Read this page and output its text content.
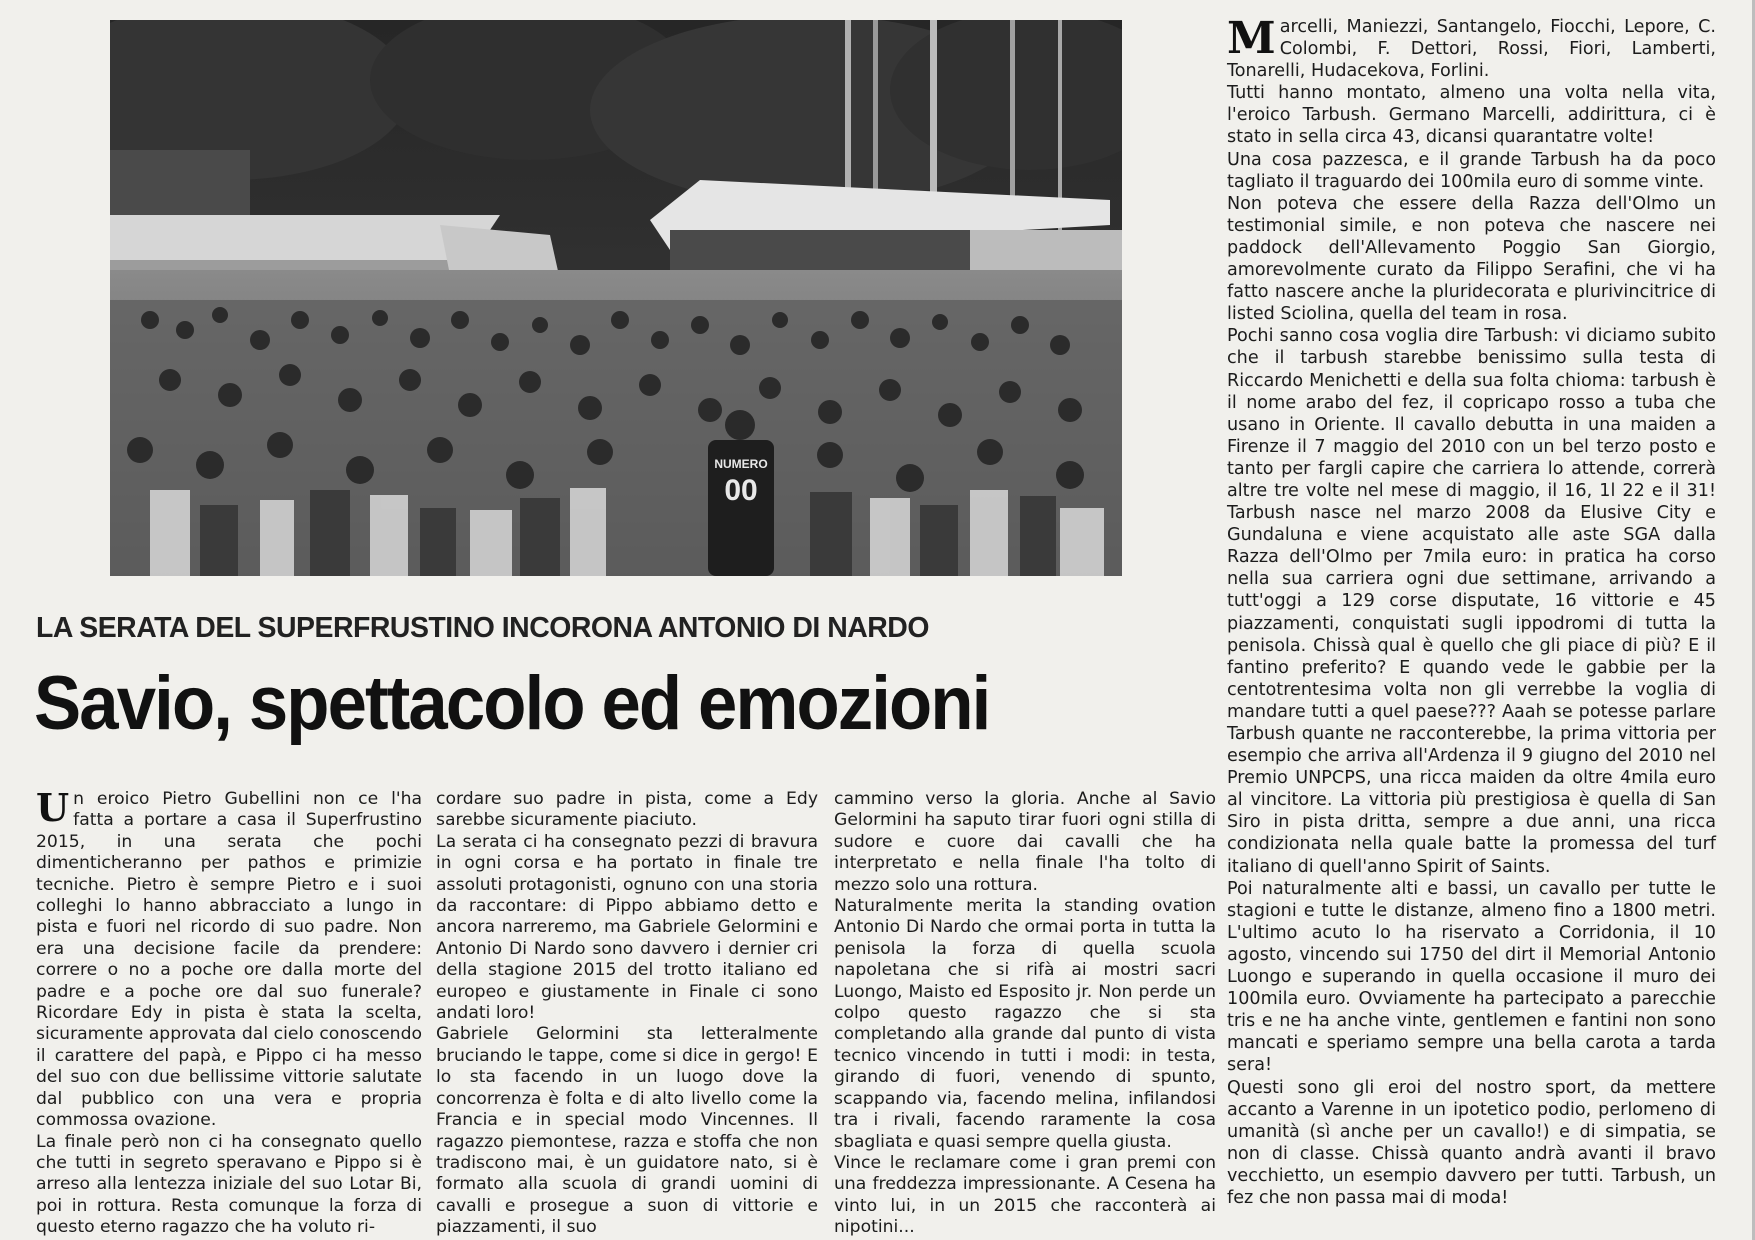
NUMERO
00
LA SERATA DEL SUPERFRUSTINO INCORONA ANTONIO DI NARDO
Savio, spettacolo ed emozioni

Un eroico Pietro Gubellini non ce l'ha fatta a portare a casa il Superfrustino 2015, in una serata che pochi dimenticheranno per pathos e primizie tecniche. Pietro è sempre Pietro e i suoi colleghi lo hanno abbracciato a lungo in pista e fuori nel ricordo di suo padre. Non era una decisione facile da prendere: correre o no a poche ore dalla morte del padre e a poche ore dal suo funerale? Ricordare Edy in pista è stata la scelta, sicuramente approvata dal cielo conoscendo il carattere del papà, e Pippo ci ha messo del suo con due bellissime vittorie salutate dal pubblico con una vera e propria commossa ovazione.

La finale però non ci ha consegnato quello che tutti in segreto speravano e Pippo si è arreso alla lentezza iniziale del suo Lotar Bi, poi in rottura. Resta comunque la forza di questo eterno ragazzo che ha voluto ri-

cordare suo padre in pista, come a Edy sarebbe sicuramente piaciuto.

La serata ci ha consegnato pezzi di bravura in ogni corsa e ha portato in finale tre assoluti protagonisti, ognuno con una storia da raccontare: di Pippo abbiamo detto e ancora narreremo, ma Gabriele Gelormini e Antonio Di Nardo sono davvero i dernier cri della stagione 2015 del trotto italiano ed europeo e giustamente in Finale ci sono andati loro!

Gabriele Gelormini sta letteralmente bruciando le tappe, come si dice in gergo! E lo sta facendo in un luogo dove la concorrenza è folta e di alto livello come la Francia e in special modo Vincennes. Il ragazzo piemontese, razza e stoffa che non tradiscono mai, è un guidatore nato, si è formato alla scuola di grandi uomini di cavalli e prosegue a suon di vittorie e piazzamenti, il suo

cammino verso la gloria. Anche al Savio Gelormini ha saputo tirar fuori ogni stilla di sudore e cuore dai cavalli che ha interpretato e nella finale l'ha tolto di mezzo solo una rottura.

Naturalmente merita la standing ovation Antonio Di Nardo che ormai porta in tutta la penisola la forza di quella scuola napoletana che si rifà ai mostri sacri Luongo, Maisto ed Esposito jr. Non perde un colpo questo ragazzo che si sta completando alla grande dal punto di vista tecnico vincendo in tutti i modi: in testa, girando di fuori, venendo di spunto, scappando via, facendo melina, infilandosi tra i rivali, facendo raramente la cosa sbagliata e quasi sempre quella giusta.

Vince le reclamare come i gran premi con una freddezza impressionante. A Cesena ha vinto lui, in un 2015 che racconterà ai nipotini...

Marcelli, Maniezzi, Santangelo, Fiocchi, Lepore, C. Colombi, F. Dettori, Rossi, Fiori, Lamberti, Tonarelli, Hudacekova, Forlini.

Tutti hanno montato, almeno una volta nella vita, l'eroico Tarbush. Germano Marcelli, addirittura, ci è stato in sella circa 43, dicansi quarantatre volte!

Una cosa pazzesca, e il grande Tarbush ha da poco tagliato il traguardo dei 100mila euro di somme vinte.

Non poteva che essere della Razza dell'Olmo un testimonial simile, e non poteva che nascere nei paddock dell'Allevamento Poggio San Giorgio, amorevolmente curato da Filippo Serafini, che vi ha fatto nascere anche la pluridecorata e plurivincitrice di listed Sciolina, quella del team in rosa.

Pochi sanno cosa voglia dire Tarbush: vi diciamo subito che il tarbush starebbe benissimo sulla testa di Riccardo Menichetti e della sua folta chioma: tarbush è il nome arabo del fez, il copricapo rosso a tuba che usano in Oriente. Il cavallo debutta in una maiden a Firenze il 7 maggio del 2010 con un bel terzo posto e tanto per fargli capire che carriera lo attende, correrà altre tre volte nel mese di maggio, il 16, 1l 22 e il 31! Tarbush nasce nel marzo 2008 da Elusive City e Gundaluna e viene acquistato alle aste SGA dalla Razza dell'Olmo per 7mila euro: in pratica ha corso nella sua carriera ogni due settimane, arrivando a tutt'oggi a 129 corse disputate, 16 vittorie e 45 piazzamenti, conquistati sugli ippodromi di tutta la penisola. Chissà qual è quello che gli piace di più? E il fantino preferito? E quando vede le gabbie per la centotrentesima volta non gli verrebbe la voglia di mandare tutti a quel paese??? Aaah se potesse parlare Tarbush quante ne racconterebbe, la prima vittoria per esempio che arriva all'Ardenza il 9 giugno del 2010 nel Premio UNPCPS, una ricca maiden da oltre 4mila euro al vincitore. La vittoria più prestigiosa è quella di San Siro in pista dritta, sempre a due anni, una ricca condizionata nella quale batte la promessa del turf italiano di quell'anno Spirit of Saints.

Poi naturalmente alti e bassi, un cavallo per tutte le stagioni e tutte le distanze, almeno fino a 1800 metri. L'ultimo acuto lo ha riservato a Corridonia, il 10 agosto, vincendo sui 1750 del dirt il Memorial Antonio Luongo e superando in quella occasione il muro dei 100mila euro. Ovviamente ha partecipato a parecchie tris e ne ha anche vinte, gentlemen e fantini non sono mancati e speriamo sempre una bella carota a tarda sera!

Questi sono gli eroi del nostro sport, da mettere accanto a Varenne in un ipotetico podio, perlomeno di umanità (sì anche per un cavallo!) e di simpatia, se non di classe. Chissà quanto andrà avanti il bravo vecchietto, un esempio davvero per tutti. Tarbush, un fez che non passa mai di moda!
